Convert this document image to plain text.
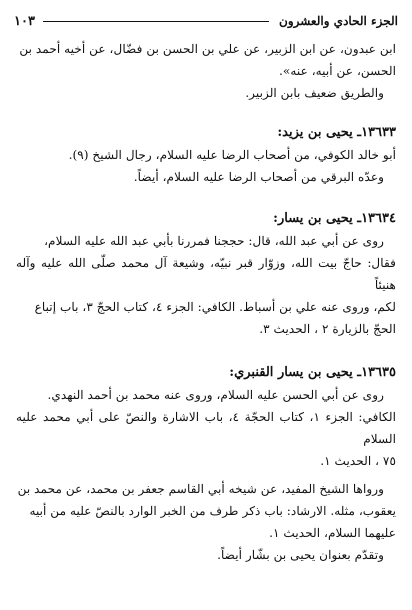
الجزء الحادي والعشرون
١٠٣

ابن عبدون، عن ابن الزبير، عن علي بن الحسن بن فضّال، عن أخيه أحمد بن

الحسن، عن أبيه، عنه».

والطريق ضعيف بابن الزبير.

١٣٦٣٣ـ يحيى بن يزيد:

أبو خالد الكوفي، من أصحاب الرضا عليه السلام، رجال الشيخ (٩).

وعدّه البرقي من أصحاب الرضا عليه السلام، أيضاً.

١٣٦٣٤ـ يحيى بن يسار:

روى عن أبي عبد الله، قال: حججنا فمررنا بأبي عبد الله عليه السلام،

فقال: حاجّ بيت الله، وزوّار قبر نبيّه، وشيعة آل محمد صلّى الله عليه وآله هنيئاً

لكم، وروى عنه علي بن أسباط. الكافي: الجزء ٤، كتاب الحجّ ٣، باب إتباع

الحجّ بالزيارة ٢ ، الحديث ٣.

١٣٦٣٥ـ يحيى بن يسار القنبري:

روى عن أبي الحسن عليه السلام، وروى عنه محمد بن أحمد النهدي.

الكافي: الجزء ١، كتاب الحجّة ٤، باب الاشارة والنصّ على أبي محمد عليه السلام

٧٥ ، الحديث ١.

ورواها الشيخ المفيد، عن شيخه أبي القاسم جعفر بن محمد، عن محمد بن

يعقوب، مثله. الارشاد: باب ذكر طرف من الخبر الوارد بالنصّ عليه من أبيه

عليهما السلام، الحديث ١.

وتقدّم بعنوان يحيى بن بشّار أيضاً.
